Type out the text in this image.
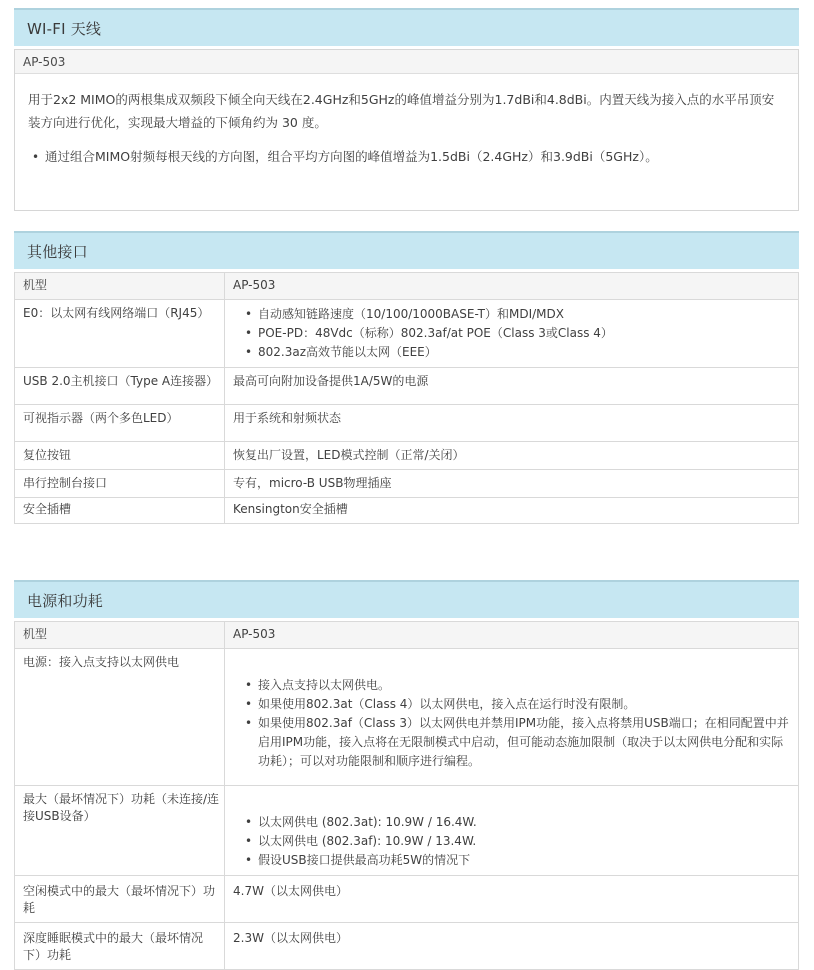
WI-FI 天线
AP-503

用于2x2 MIMO的两根集成双频段下倾全向天线在2.4GHz和5GHz的峰值增益分别为1.7dBi和4.8dBi。内置天线为接入点的水平吊顶安装方向进行优化，实现最大增益的下倾角约为 30 度。

• 通过组合MIMO射频每根天线的方向图，组合平均方向图的峰值增益为1.5dBi（2.4GHz）和3.9dBi（5GHz）。
其他接口
机型	AP-503
E0：以太网有线网络端口（RJ45）	
•自动感知链路速度（10/100/1000BASE-T）和MDI/MDX
• POE-PD：48Vdc（标称）802.3af/at POE（Class 3或Class 4）
• 802.3az高效节能以太网（EEE）

USB 2.0主机接口（Type A连接器）	最高可向附加设备提供1A/5W的电源
可视指示器（两个多色LED）	用于系统和射频状态
复位按钮	恢复出厂设置，LED模式控制（正常/关闭）
串行控制台接口	专有，micro-B USB物理插座
安全插槽	Kensington安全插槽
电源和功耗
机型	AP-503
电源：接入点支持以太网供电	
• 接入点支持以太网供电。
• 如果使用802.3at（Class 4）以太网供电，接入点在运行时没有限制。
• 如果使用802.3af（Class 3）以太网供电并禁用IPM功能，接入点将禁用USB端口；在相同配置中并启用IPM功能，接入点将在无限制模式中启动，但可能动态施加限制（取决于以太网供电分配和实际功耗）；可以对功能限制和顺序进行编程。

最大（最坏情况下）功耗（未连接/连接USB设备）	
•以太网供电 (802.3at): 10.9W / 16.4W.
• 以太网供电 (802.3af): 10.9W / 13.4W.
• 假设USB接口提供最高功耗5W的情况下

空闲模式中的最大（最坏情况下）功耗	4.7W（以太网供电）
深度睡眠模式中的最大（最坏情况下）功耗	2.3W（以太网供电）
